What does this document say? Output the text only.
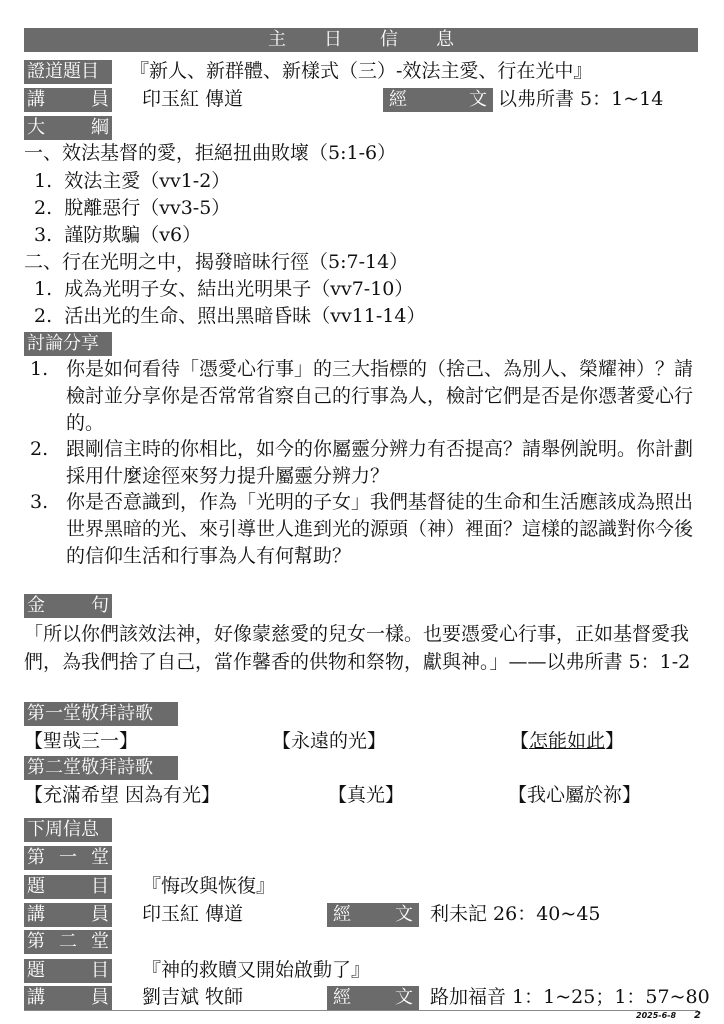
主日信息
證道題目	『新人、新群體、新樣式（三）-效法主愛、行在光中』
講	員 印玉紅 傳道	經	文 以弗所書 5：1~14
大	綱
一、效法基督的愛，拒絕扭曲敗壞（5:1-6）
1.  效法主愛（vv1-2）
2.  脫離惡行（vv3-5）
3.  謹防欺騙（v6）
二、行在光明之中，揭發暗昧行徑（5:7-14）
1.  成為光明子女、結出光明果子（vv7-10）
2.  活出光的生命、照出黑暗昏昧（vv11-14）
討論分享
1. 你是如何看待「憑愛心行事」的三大指標的（捨己、為別人、榮耀神）？請檢討並分享你是否常常省察自己的行事為人，檢討它們是否是你憑著愛心行的。
2. 跟剛信主時的你相比，如今的你屬靈分辨力有否提高？請舉例說明。你計劃採用什麼途徑來努力提升屬靈分辨力？
3. 你是否意識到，作為「光明的子女」我們基督徒的生命和生活應該成為照出世界黑暗的光、來引導世人進到光的源頭（神）裡面？這樣的認識對你今後的信仰生活和行事為人有何幫助？
金	句
「所以你們該效法神，好像蒙慈愛的兒女一樣。也要憑愛心行事，正如基督愛我們，為我們捨了自己，當作馨香的供物和祭物，獻與神。」——以弗所書 5：1-2
第一堂敬拜詩歌
【聖哉三一】	【永遠的光】	【怎能如此】
第二堂敬拜詩歌
【充滿希望 因為有光】	【真光】	【我心屬於祢】
下周信息
第 一 堂
題	目 『悔改與恢復』
講	員 印玉紅 傳道	經 文 利未記 26：40~45
第 二 堂
題	目 『神的救贖又開始啟動了』
講	員 劉吉斌 牧師	經 文 路加福音 1：1~25；1：57~80
2025-6-8 2
